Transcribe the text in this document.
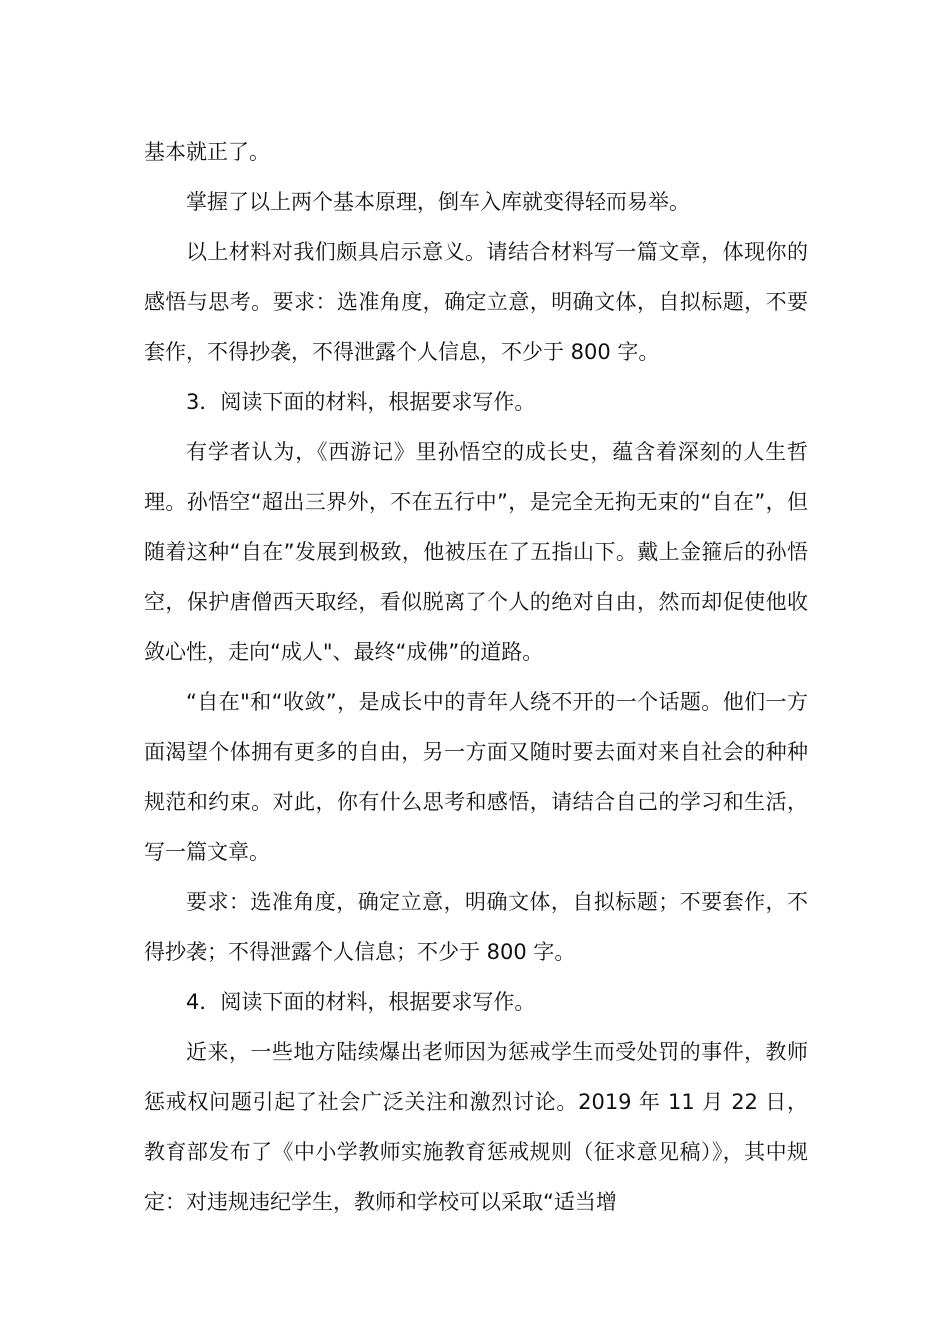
基本就正了。

掌握了以上两个基本原理，倒车入库就变得轻而易举。

以上材料对我们颇具启示意义。请结合材料写一篇文章，体现你的感悟与思考。要求：选准角度，确定立意，明确文体，自拟标题，不要套作，不得抄袭，不得泄露个人信息，不少于 800 字。

3．阅读下面的材料，根据要求写作。

有学者认为，《西游记》里孙悟空的成长史，蕴含着深刻的人生哲理。孙悟空“超出三界外，不在五行中”，是完全无拘无束的“自在”，但随着这种“自在”发展到极致，他被压在了五指山下。戴上金箍后的孙悟空，保护唐僧西天取经，看似脱离了个人的绝对自由，然而却促使他收敛心性，走向“成人"、最终“成佛”的道路。

“自在"和“收敛”，是成长中的青年人绕不开的一个话题。他们一方面渴望个体拥有更多的自由，另一方面又随时要去面对来自社会的种种规范和约束。对此，你有什么思考和感悟，请结合自己的学习和生活，写一篇文章。

要求：选准角度，确定立意，明确文体，自拟标题；不要套作，不得抄袭；不得泄露个人信息；不少于 800 字。

4．阅读下面的材料，根据要求写作。

近来，一些地方陆续爆出老师因为惩戒学生而受处罚的事件，教师惩戒权问题引起了社会广泛关注和激烈讨论。2019 年 11 月 22 日，教育部发布了《中小学教师实施教育惩戒规则（征求意见稿）》，其中规定：对违规违纪学生，教师和学校可以采取“适当增
